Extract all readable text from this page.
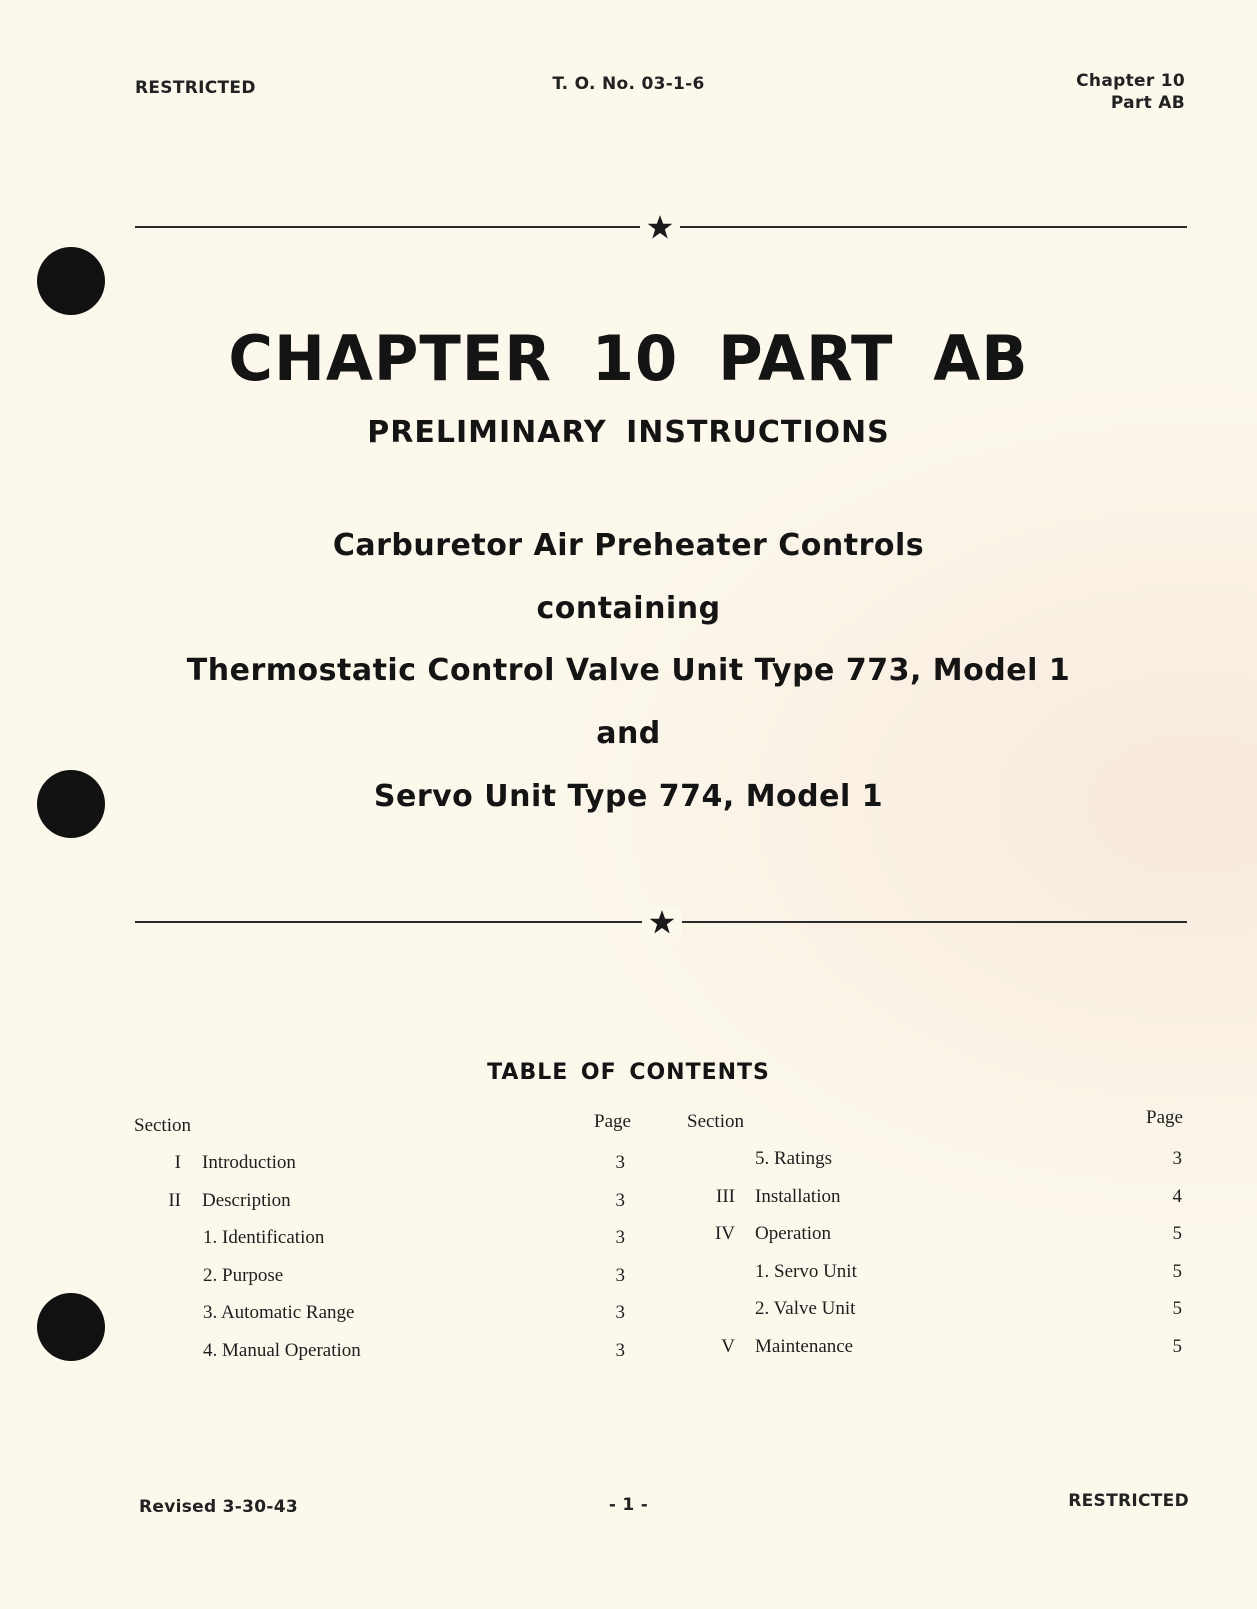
RESTRICTED	T. O. No. 03-1-6	Chapter 10
Part AB
CHAPTER 10 PART AB
PRELIMINARY INSTRUCTIONS
Carburetor Air Preheater Controls
containing
Thermostatic Control Valve Unit Type 773, Model 1
and
Servo Unit Type 774, Model 1
TABLE OF CONTENTS
Section	Page
I Introduction	3
II Description	3
1. Identification	3
2. Purpose	3
3. Automatic Range	3
4. Manual Operation	3
Section	Page
5. Ratings	3
III Installation	4
IV Operation	5
1. Servo Unit	5
2. Valve Unit	5
V Maintenance	5
Revised 3-30-43	- 1 -	RESTRICTED
